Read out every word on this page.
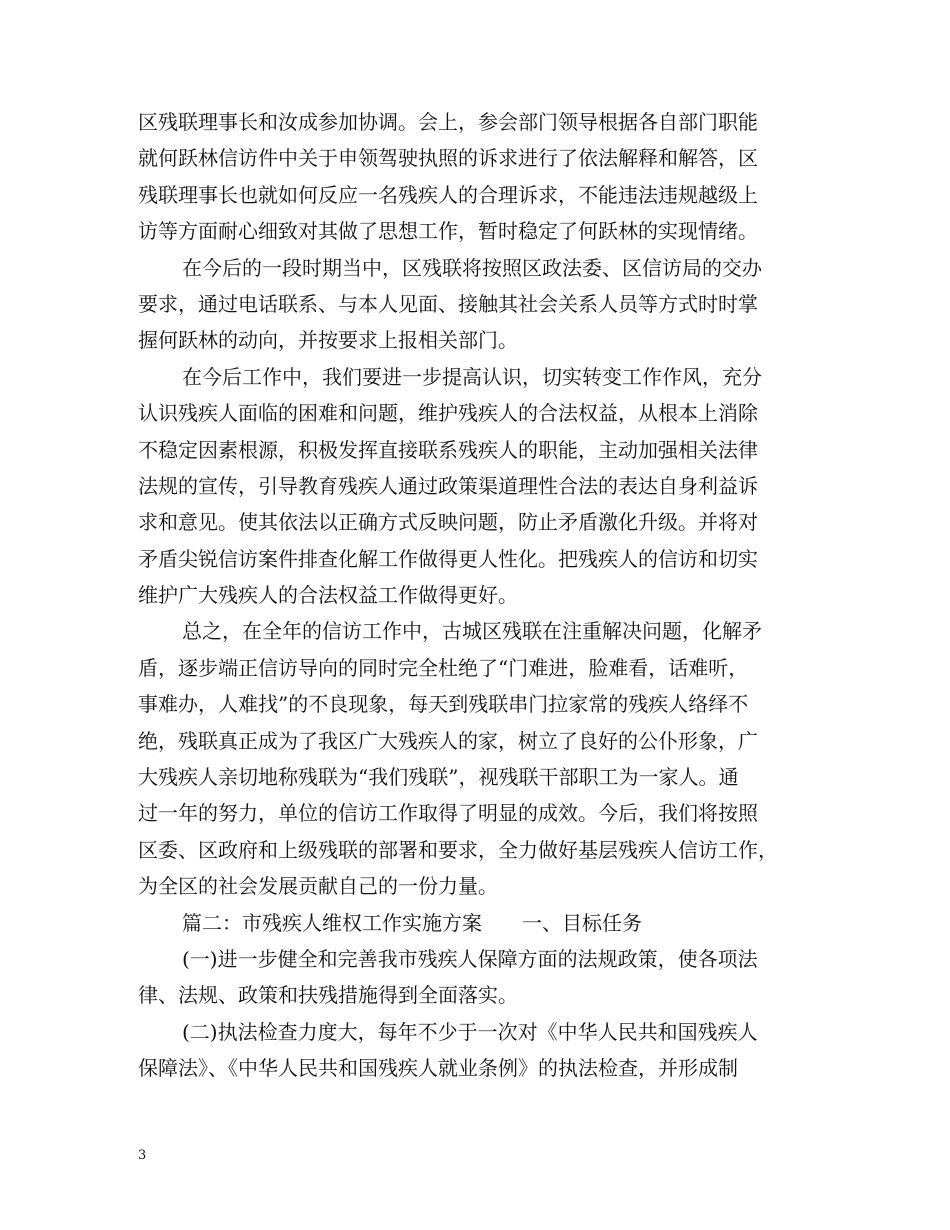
区残联理事长和汝成参加协调。会上，参会部门领导根据各自部门职能
就何跃林信访件中关于申领驾驶执照的诉求进行了依法解释和解答，区
残联理事长也就如何反应一名残疾人的合理诉求，不能违法违规越级上
访等方面耐心细致对其做了思想工作，暂时稳定了何跃林的实现情绪。
在今后的一段时期当中，区残联将按照区政法委、区信访局的交办
要求，通过电话联系、与本人见面、接触其社会关系人员等方式时时掌
握何跃林的动向，并按要求上报相关部门。
在今后工作中，我们要进一步提高认识，切实转变工作作风，充分
认识残疾人面临的困难和问题，维护残疾人的合法权益，从根本上消除
不稳定因素根源，积极发挥直接联系残疾人的职能，主动加强相关法律
法规的宣传，引导教育残疾人通过政策渠道理性合法的表达自身利益诉
求和意见。使其依法以正确方式反映问题，防止矛盾激化升级。并将对
矛盾尖锐信访案件排查化解工作做得更人性化。把残疾人的信访和切实
维护广大残疾人的合法权益工作做得更好。
总之，在全年的信访工作中，古城区残联在注重解决问题，化解矛
盾，逐步端正信访导向的同时完全杜绝了“门难进，脸难看，话难听，
事难办，人难找”的不良现象，每天到残联串门拉家常的残疾人络绎不
绝，残联真正成为了我区广大残疾人的家，树立了良好的公仆形象，广
大残疾人亲切地称残联为“我们残联”，视残联干部职工为一家人。通
过一年的努力，单位的信访工作取得了明显的成效。今后，我们将按照
区委、区政府和上级残联的部署和要求，全力做好基层残疾人信访工作，
为全区的社会发展贡献自己的一份力量。
篇二：市残疾人维权工作实施方案 一、目标任务
(一)进一步健全和完善我市残疾人保障方面的法规政策，使各项法
律、法规、政策和扶残措施得到全面落实。
(二)执法检查力度大，每年不少于一次对《中华人民共和国残疾人
保障法》、《中华人民共和国残疾人就业条例》的执法检查，并形成制
3
